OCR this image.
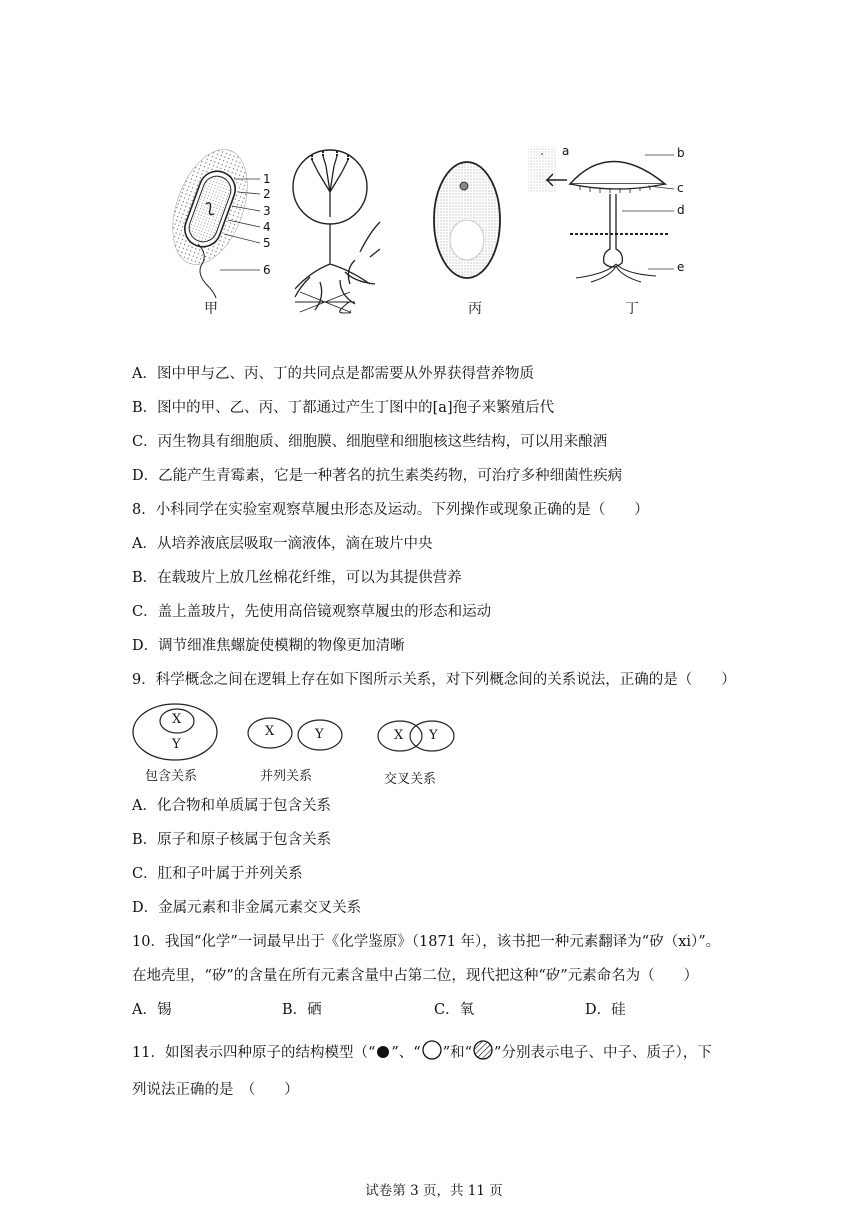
1
2
3
4
5
6
a	b
c
d
e
甲	乙	丙	丁
A．图中甲与乙、丙、丁的共同点是都需要从外界获得营养物质
B．图中的甲、乙、丙、丁都通过产生丁图中的[a]孢子来繁殖后代
C．丙生物具有细胞质、细胞膜、细胞壁和细胞核这些结构，可以用来酿酒
D．乙能产生青霉素，它是一种著名的抗生素类药物，可治疗多种细菌性疾病
8．小科同学在实验室观察草履虫形态及运动。下列操作或现象正确的是（　　）
A．从培养液底层吸取一滴液体，滴在玻片中央
B．在载玻片上放几丝棉花纤维，可以为其提供营养
C．盖上盖玻片，先使用高倍镜观察草履虫的形态和运动
D．调节细准焦螺旋使模糊的物像更加清晰
9．科学概念之间在逻辑上存在如下图所示关系，对下列概念间的关系说法，正确的是（　　）
X
Y
X	Y	X Y
包含关系	并列关系	交叉关系
A．化合物和单质属于包含关系
B．原子和原子核属于包含关系
C．肛和子叶属于并列关系
D．金属元素和非金属元素交叉关系
10．我国“化学”一词最早出于《化学鉴原》（1871 年），该书把一种元素翻译为“矽（xi）”。
在地壳里，“矽”的含量在所有元素含量中占第二位，现代把这种“矽”元素命名为（　　）
A．锡	B．硒	C．氧	D．硅
11．如图表示四种原子的结构模型（“ ”、“ ”和“ ”分别表示电子、中子、质子），下
列说法正确的是　（　　）
试卷第 3 页，共 11 页
